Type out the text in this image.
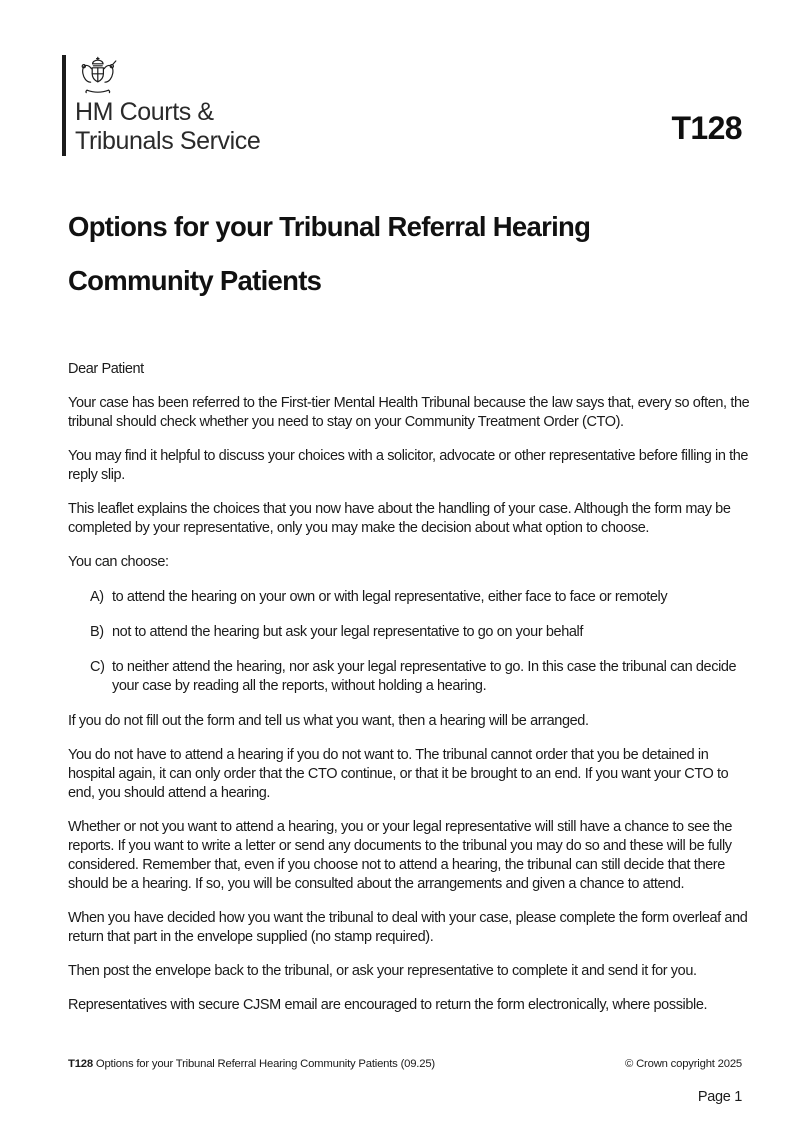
HM Courts &
Tribunals Service	T128
Options for your Tribunal Referral Hearing
Community Patients

Dear Patient

Your case has been referred to the First-tier Mental Health Tribunal because the law says that, every so often, the tribunal should check whether you need to stay on your Community Treatment Order (CTO).

You may find it helpful to discuss your choices with a solicitor, advocate or other representative before filling in the reply slip.

This leaflet explains the choices that you now have about the handling of your case. Although the form may be completed by your representative, only you may make the decision about what option to choose.

You can choose:

A) to attend the hearing on your own or with legal representative, either face to face or remotely
B) not to attend the hearing but ask your legal representative to go on your behalf
C) to neither attend the hearing, nor ask your legal representative to go. In this case the tribunal can decide your case by reading all the reports, without holding a hearing.

If you do not fill out the form and tell us what you want, then a hearing will be arranged.

You do not have to attend a hearing if you do not want to. The tribunal cannot order that you be detained in hospital again, it can only order that the CTO continue, or that it be brought to an end. If you want your CTO to end, you should attend a hearing.

Whether or not you want to attend a hearing, you or your legal representative will still have a chance to see the reports. If you want to write a letter or send any documents to the tribunal you may do so and these will be fully considered. Remember that, even if you choose not to attend a hearing, the tribunal can still decide that there should be a hearing. If so, you will be consulted about the arrangements and given a chance to attend.

When you have decided how you want the tribunal to deal with your case, please complete the form overleaf and return that part in the envelope supplied (no stamp required).

Then post the envelope back to the tribunal, or ask your representative to complete it and send it for you.

Representatives with secure CJSM email are encouraged to return the form electronically, where possible.

T128 Options for your Tribunal Referral Hearing Community Patients (09.25)	© Crown copyright 2025
Page 1
